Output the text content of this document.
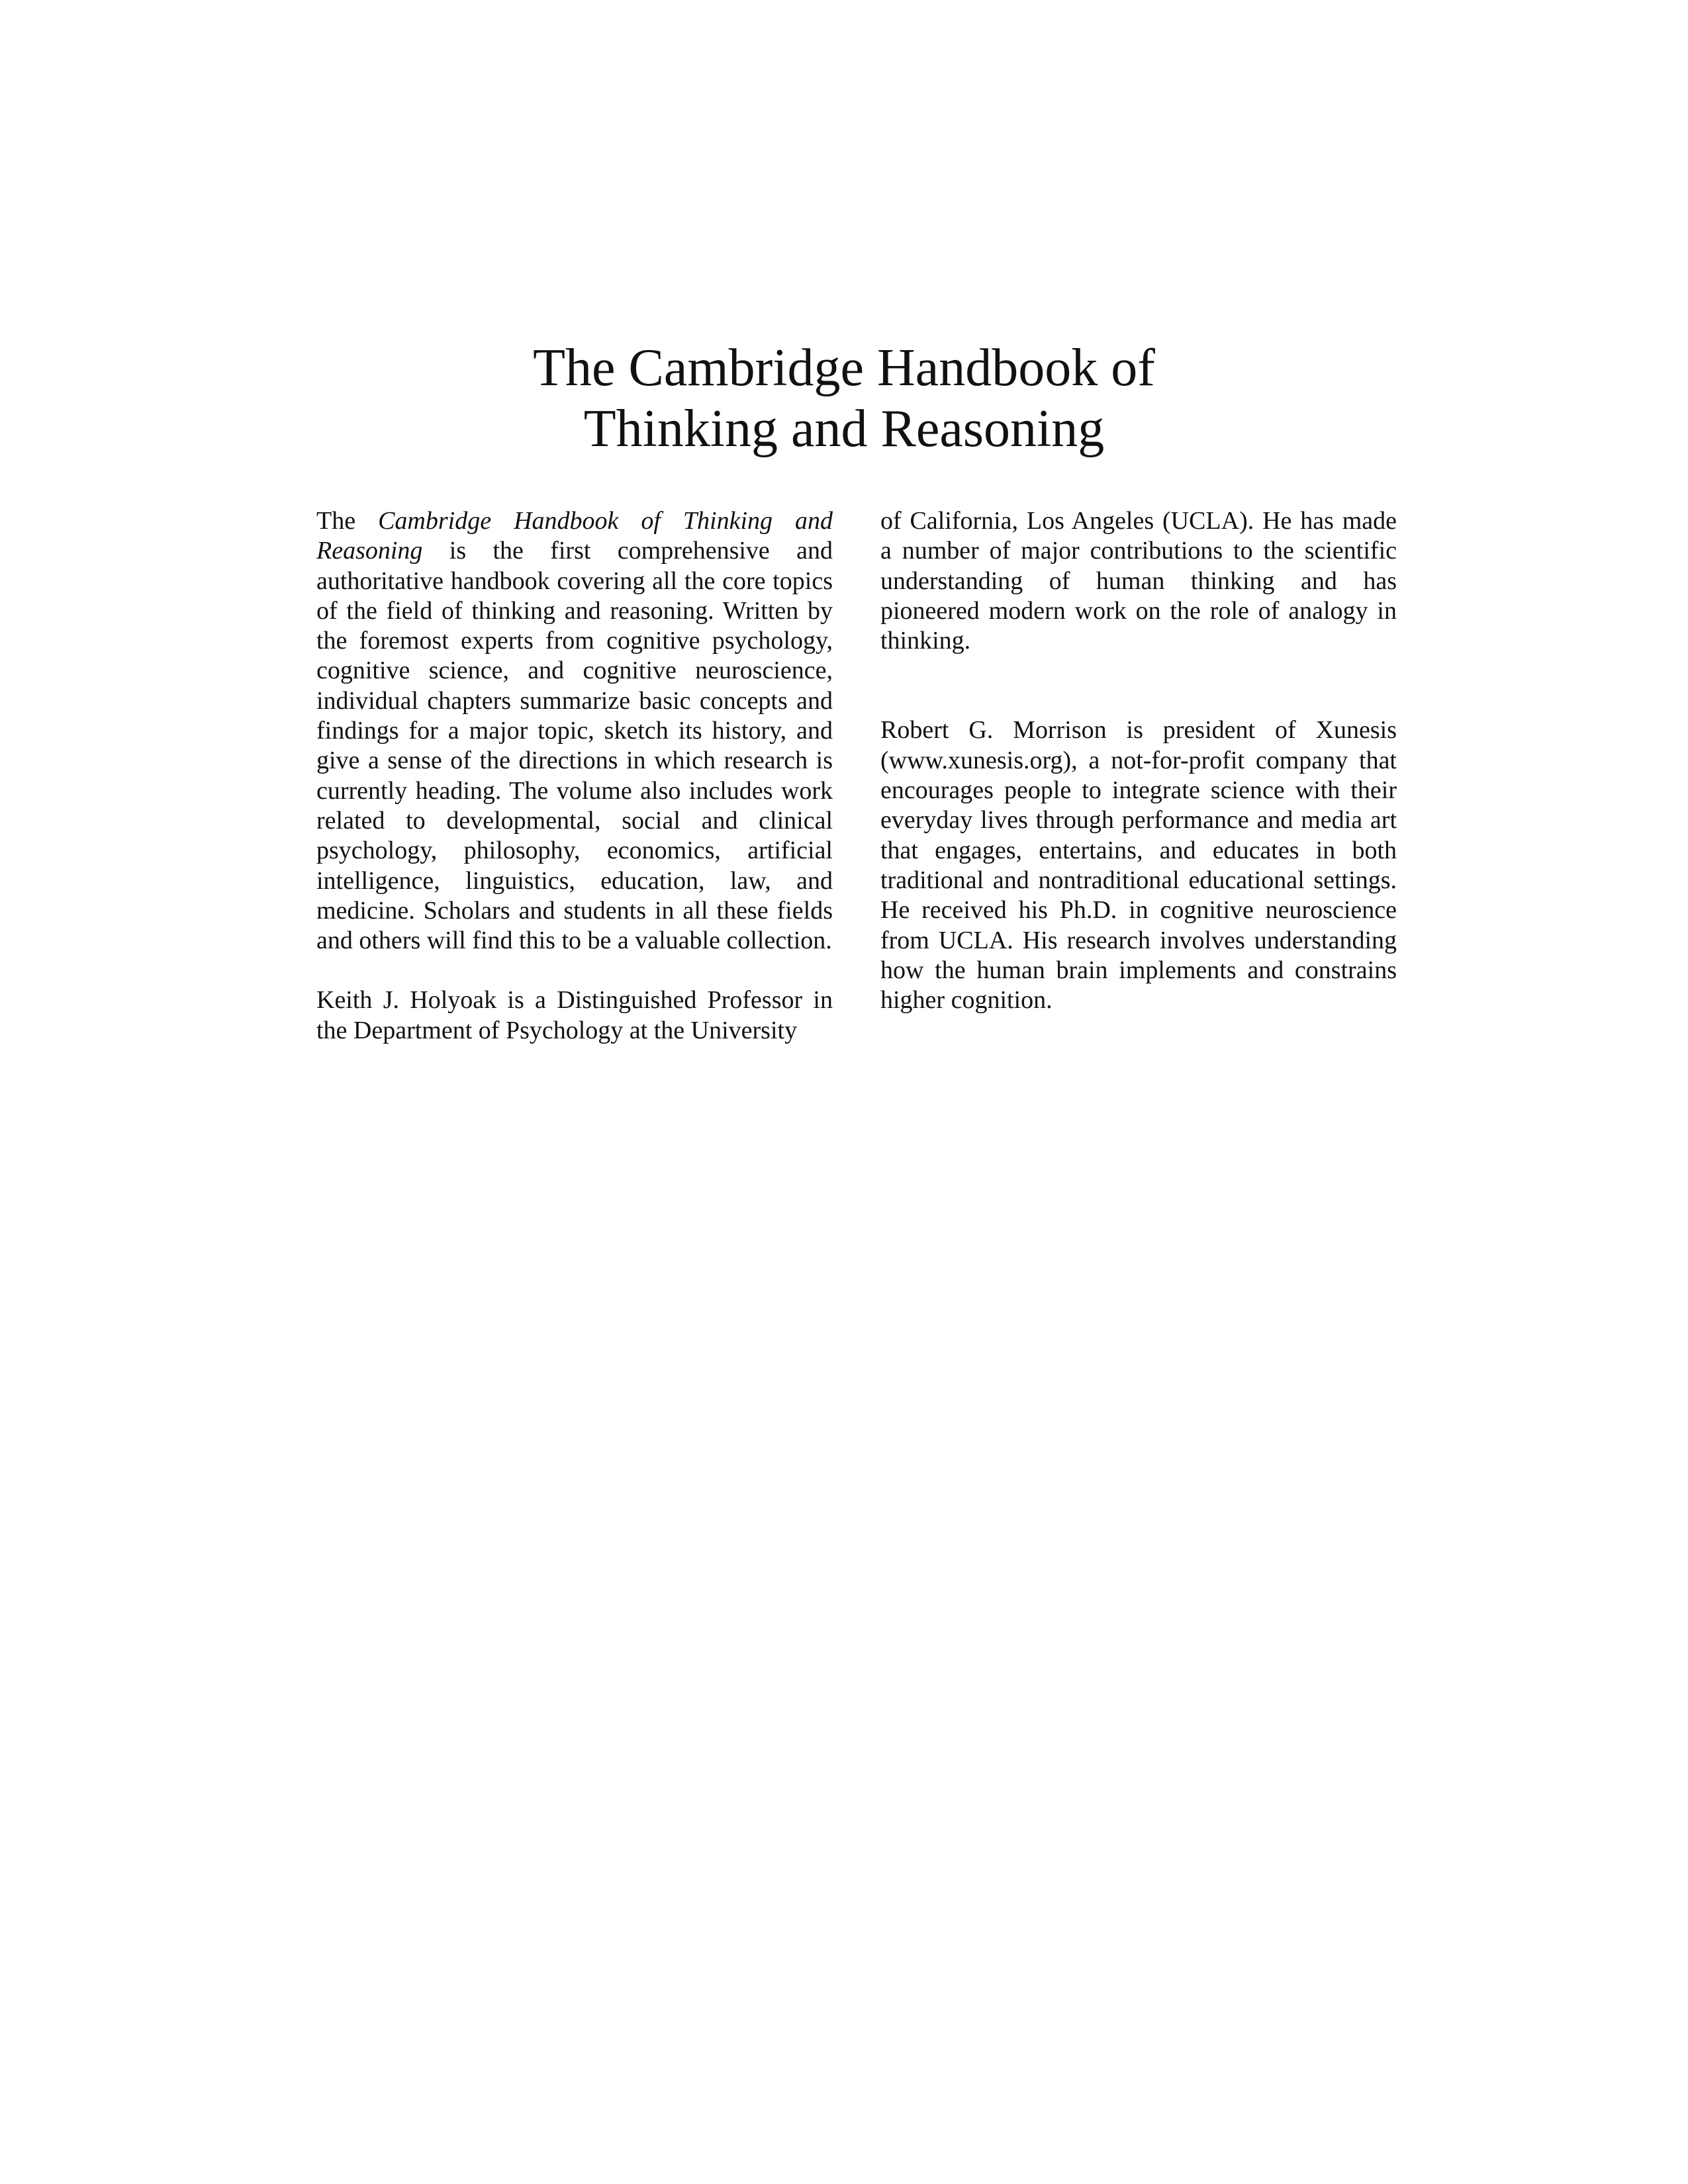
The Cambridge Handbook of
Thinking and Reasoning

The Cambridge Handbook of Thinking and Reasoning is the first comprehensive and authoritative handbook covering all the core topics of the field of thinking and reasoning. Written by the foremost experts from cognitive psychology, cognitive science, and cognitive neuroscience, individual chapters summarize basic concepts and findings for a major topic, sketch its history, and give a sense of the directions in which research is currently heading. The volume also includes work related to developmental, social and clinical psychology, philosophy, economics, artificial intelligence, linguistics, education, law, and medicine. Scholars and students in all these fields and others will find this to be a valuable collection.

Keith J. Holyoak is a Distinguished Professor in the Department of Psychology at the University

of California, Los Angeles (UCLA). He has made a number of major contributions to the scientific understanding of human thinking and has pioneered modern work on the role of analogy in thinking.

Robert G. Morrison is president of Xunesis (www.xunesis.org), a not-for-profit company that encourages people to integrate science with their everyday lives through performance and media art that engages, entertains, and educates in both traditional and nontraditional educational settings. He received his Ph.D. in cognitive neuroscience from UCLA. His research involves understanding how the human brain implements and constrains higher cognition.
